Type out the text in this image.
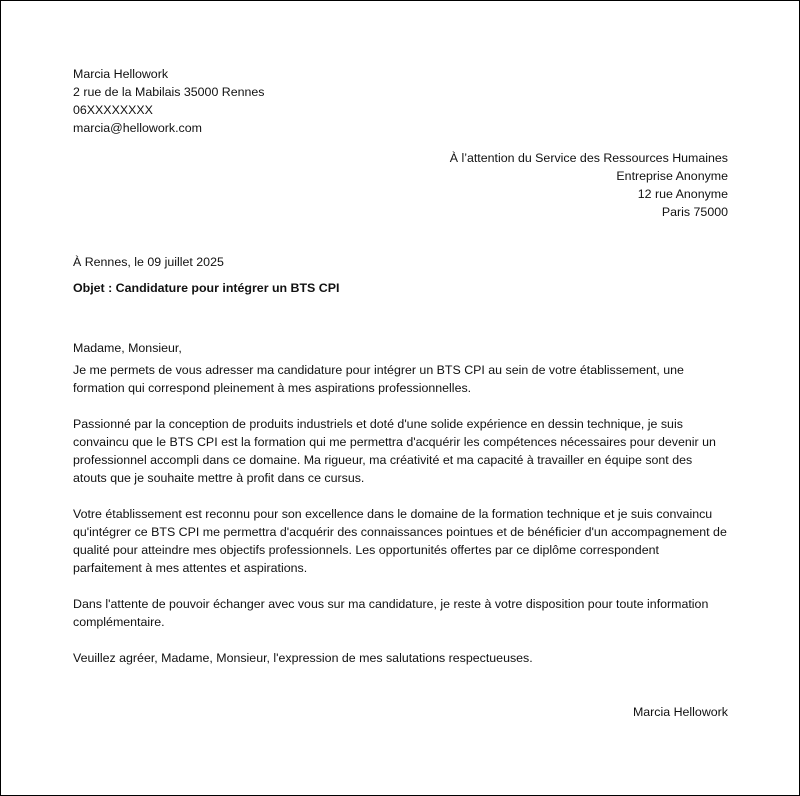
Marcia Hellowork
2 rue de la Mabilais 35000 Rennes
06XXXXXXXX
marcia@hellowork.com
À l’attention du Service des Ressources Humaines
Entreprise Anonyme
12 rue Anonyme
Paris 75000
À Rennes, le 09 juillet 2025
Objet : Candidature pour intégrer un BTS CPI
Madame, Monsieur,

Je me permets de vous adresser ma candidature pour intégrer un BTS CPI au sein de votre établissement, une formation qui correspond pleinement à mes aspirations professionnelles.

Passionné par la conception de produits industriels et doté d'une solide expérience en dessin technique, je suis convaincu que le BTS CPI est la formation qui me permettra d'acquérir les compétences nécessaires pour devenir un professionnel accompli dans ce domaine. Ma rigueur, ma créativité et ma capacité à travailler en équipe sont des atouts que je souhaite mettre à profit dans ce cursus.

Votre établissement est reconnu pour son excellence dans le domaine de la formation technique et je suis convaincu qu'intégrer ce BTS CPI me permettra d'acquérir des connaissances pointues et de bénéficier d'un accompagnement de qualité pour atteindre mes objectifs professionnels. Les opportunités offertes par ce diplôme correspondent parfaitement à mes attentes et aspirations.

Dans l'attente de pouvoir échanger avec vous sur ma candidature, je reste à votre disposition pour toute information complémentaire.

Veuillez agréer, Madame, Monsieur, l'expression de mes salutations respectueuses.

Marcia Hellowork
